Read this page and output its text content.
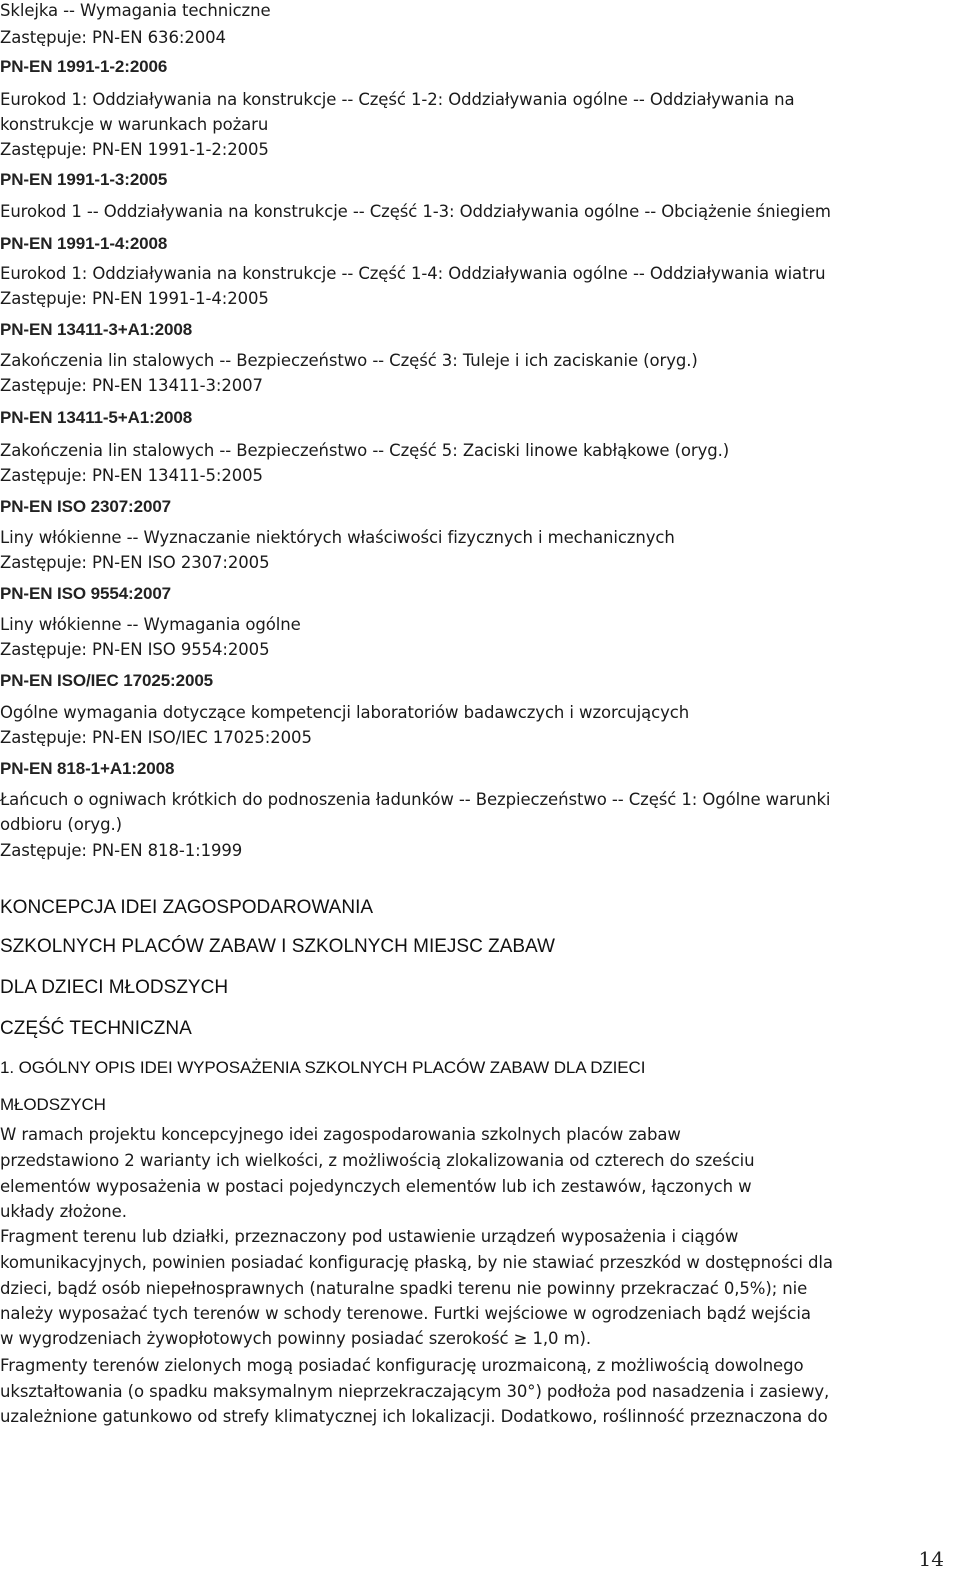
Sklejka -- Wymagania techniczne
Zastępuje: PN-EN 636:2004
PN-EN 1991-1-2:2006
Eurokod 1: Oddziaływania na konstrukcje -- Część 1-2: Oddziaływania ogólne -- Oddziaływania na
konstrukcje w warunkach pożaru
Zastępuje: PN-EN 1991-1-2:2005
PN-EN 1991-1-3:2005
Eurokod 1 -- Oddziaływania na konstrukcje -- Część 1-3: Oddziaływania ogólne -- Obciążenie śniegiem
PN-EN 1991-1-4:2008
Eurokod 1: Oddziaływania na konstrukcje -- Część 1-4: Oddziaływania ogólne -- Oddziaływania wiatru
Zastępuje: PN-EN 1991-1-4:2005
PN-EN 13411-3+A1:2008
Zakończenia lin stalowych -- Bezpieczeństwo -- Część 3: Tuleje i ich zaciskanie (oryg.)
Zastępuje: PN-EN 13411-3:2007
PN-EN 13411-5+A1:2008
Zakończenia lin stalowych -- Bezpieczeństwo -- Część 5: Zaciski linowe kabłąkowe (oryg.)
Zastępuje: PN-EN 13411-5:2005
PN-EN ISO 2307:2007
Liny włókienne -- Wyznaczanie niektórych właściwości fizycznych i mechanicznych
Zastępuje: PN-EN ISO 2307:2005
PN-EN ISO 9554:2007
Liny włókienne -- Wymagania ogólne
Zastępuje: PN-EN ISO 9554:2005
PN-EN ISO/IEC 17025:2005
Ogólne wymagania dotyczące kompetencji laboratoriów badawczych i wzorcujących
Zastępuje: PN-EN ISO/IEC 17025:2005
PN-EN 818-1+A1:2008
Łańcuch o ogniwach krótkich do podnoszenia ładunków -- Bezpieczeństwo -- Część 1: Ogólne warunki
odbioru (oryg.)
Zastępuje: PN-EN 818-1:1999
KONCEPCJA IDEI ZAGOSPODAROWANIA
SZKOLNYCH PLACÓW ZABAW I SZKOLNYCH MIEJSC ZABAW
DLA DZIECI MŁODSZYCH
CZĘŚĆ TECHNICZNA
1. OGÓLNY OPIS IDEI WYPOSAŻENIA SZKOLNYCH PLACÓW ZABAW DLA DZIECI
MŁODSZYCH
W ramach projektu koncepcyjnego idei zagospodarowania szkolnych placów zabaw
przedstawiono 2 warianty ich wielkości, z możliwością zlokalizowania od czterech do sześciu
elementów wyposażenia w postaci pojedynczych elementów lub ich zestawów, łączonych w
układy złożone.
Fragment terenu lub działki, przeznaczony pod ustawienie urządzeń wyposażenia i ciągów
komunikacyjnych, powinien posiadać konfigurację płaską, by nie stawiać przeszkód w dostępności dla
dzieci, bądź osób niepełnosprawnych (naturalne spadki terenu nie powinny przekraczać 0,5%); nie
należy wyposażać tych terenów w schody terenowe. Furtki wejściowe w ogrodzeniach bądź wejścia
w wygrodzeniach żywopłotowych powinny posiadać szerokość ≥ 1,0 m).
Fragmenty terenów zielonych mogą posiadać konfigurację urozmaiconą, z możliwością dowolnego
ukształtowania (o spadku maksymalnym nieprzekraczającym 30°) podłoża pod nasadzenia i zasiewy,
uzależnione gatunkowo od strefy klimatycznej ich lokalizacji. Dodatkowo, roślinność przeznaczona do
14
